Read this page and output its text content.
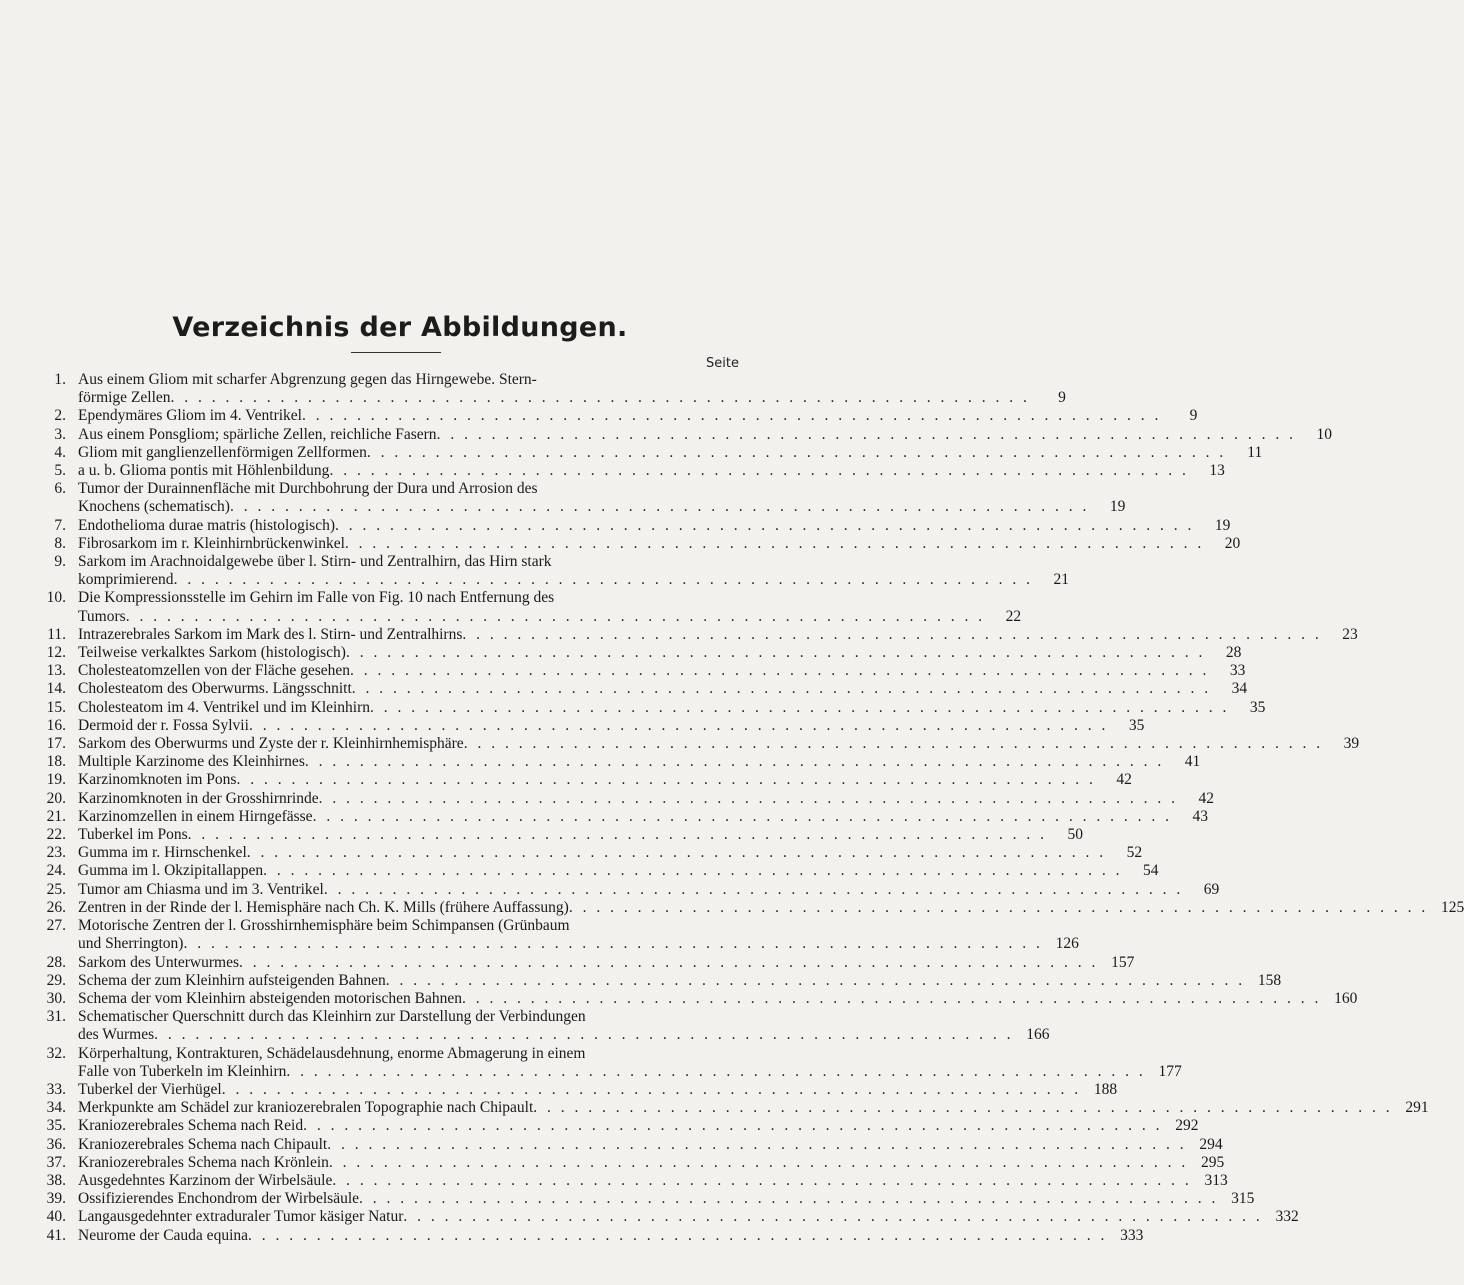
Verzeichnis der Abbildungen.
Seite
1. Aus einem Gliom mit scharfer Abgrenzung gegen das Hirngewebe. Stern-
förmige Zellen . . . . . . . . . . . . . . . . . . . . . . . . . . . . . . . . . . . . . . . . . . . . . . . . . . . . . . . . . . . . . . .	9
2. Ependymäres Gliom im 4. Ventrikel . . . . . . . . . . . . . . . . . . . . . . . . . . . . . . . . . . . . . . . . . . . . . . . . . . . . . . . . . . . . . . .	9
3. Aus einem Ponsgliom; spärliche Zellen, reichliche Fasern . . . . . . . . . . . . . . . . . . . . . . . . . . . . . . . . . . . . . . . . . . . . . . . . . . . . . . . . . . . . . . .	10
4. Gliom mit ganglienzellenförmigen Zellformen . . . . . . . . . . . . . . . . . . . . . . . . . . . . . . . . . . . . . . . . . . . . . . . . . . . . . . . . . . . . . . .	11
5. a u. b. Glioma pontis mit Höhlenbildung . . . . . . . . . . . . . . . . . . . . . . . . . . . . . . . . . . . . . . . . . . . . . . . . . . . . . . . . . . . . . . .	13
6. Tumor der Durainnenfläche mit Durchbohrung der Dura und Arrosion des
Knochens (schematisch) . . . . . . . . . . . . . . . . . . . . . . . . . . . . . . . . . . . . . . . . . . . . . . . . . . . . . . . . . . . . . . .	19
7. Endothelioma durae matris (histologisch) . . . . . . . . . . . . . . . . . . . . . . . . . . . . . . . . . . . . . . . . . . . . . . . . . . . . . . . . . . . . . . .	19
8. Fibrosarkom im r. Kleinhirnbrückenwinkel . . . . . . . . . . . . . . . . . . . . . . . . . . . . . . . . . . . . . . . . . . . . . . . . . . . . . . . . . . . . . . .	20
9. Sarkom im Arachnoidalgewebe über l. Stirn- und Zentralhirn, das Hirn stark
komprimierend . . . . . . . . . . . . . . . . . . . . . . . . . . . . . . . . . . . . . . . . . . . . . . . . . . . . . . . . . . . . . . .	21
10. Die Kompressionsstelle im Gehirn im Falle von Fig. 10 nach Entfernung des
Tumors . . . . . . . . . . . . . . . . . . . . . . . . . . . . . . . . . . . . . . . . . . . . . . . . . . . . . . . . . . . . . . .	22
11. Intrazerebrales Sarkom im Mark des l. Stirn- und Zentralhirns . . . . . . . . . . . . . . . . . . . . . . . . . . . . . . . . . . . . . . . . . . . . . . . . . . . . . . . . . . . . . . .	23
12. Teilweise verkalktes Sarkom (histologisch) . . . . . . . . . . . . . . . . . . . . . . . . . . . . . . . . . . . . . . . . . . . . . . . . . . . . . . . . . . . . . . .	28
13. Cholesteatomzellen von der Fläche gesehen . . . . . . . . . . . . . . . . . . . . . . . . . . . . . . . . . . . . . . . . . . . . . . . . . . . . . . . . . . . . . . .	33
14. Cholesteatom des Oberwurms. Längsschnitt . . . . . . . . . . . . . . . . . . . . . . . . . . . . . . . . . . . . . . . . . . . . . . . . . . . . . . . . . . . . . . .	34
15. Cholesteatom im 4. Ventrikel und im Kleinhirn . . . . . . . . . . . . . . . . . . . . . . . . . . . . . . . . . . . . . . . . . . . . . . . . . . . . . . . . . . . . . . .	35
16. Dermoid der r. Fossa Sylvii . . . . . . . . . . . . . . . . . . . . . . . . . . . . . . . . . . . . . . . . . . . . . . . . . . . . . . . . . . . . . . .	35
17. Sarkom des Oberwurms und Zyste der r. Kleinhirnhemisphäre . . . . . . . . . . . . . . . . . . . . . . . . . . . . . . . . . . . . . . . . . . . . . . . . . . . . . . . . . . . . . . .	39
18. Multiple Karzinome des Kleinhirnes . . . . . . . . . . . . . . . . . . . . . . . . . . . . . . . . . . . . . . . . . . . . . . . . . . . . . . . . . . . . . . .	41
19. Karzinomknoten im Pons . . . . . . . . . . . . . . . . . . . . . . . . . . . . . . . . . . . . . . . . . . . . . . . . . . . . . . . . . . . . . . .	42
20. Karzinomknoten in der Grosshirnrinde . . . . . . . . . . . . . . . . . . . . . . . . . . . . . . . . . . . . . . . . . . . . . . . . . . . . . . . . . . . . . . .	42
21. Karzinomzellen in einem Hirngefässe . . . . . . . . . . . . . . . . . . . . . . . . . . . . . . . . . . . . . . . . . . . . . . . . . . . . . . . . . . . . . . .	43
22. Tuberkel im Pons . . . . . . . . . . . . . . . . . . . . . . . . . . . . . . . . . . . . . . . . . . . . . . . . . . . . . . . . . . . . . . .	50
23. Gumma im r. Hirnschenkel . . . . . . . . . . . . . . . . . . . . . . . . . . . . . . . . . . . . . . . . . . . . . . . . . . . . . . . . . . . . . . .	52
24. Gumma im l. Okzipitallappen . . . . . . . . . . . . . . . . . . . . . . . . . . . . . . . . . . . . . . . . . . . . . . . . . . . . . . . . . . . . . . .	54
25. Tumor am Chiasma und im 3. Ventrikel . . . . . . . . . . . . . . . . . . . . . . . . . . . . . . . . . . . . . . . . . . . . . . . . . . . . . . . . . . . . . . .	69
26. Zentren in der Rinde der l. Hemisphäre nach Ch. K. Mills (frühere Auffassung) . . . . . . . . . . . . . . . . . . . . . . . . . . . . . . . . . . . . . . . . . . . . . . . . . . . . . . . . . . . . . . . 125
27. Motorische Zentren der l. Grosshirnhemisphäre beim Schimpansen (Grünbaum
und Sherrington) . . . . . . . . . . . . . . . . . . . . . . . . . . . . . . . . . . . . . . . . . . . . . . . . . . . . . . . . . . . . . . . 126
28. Sarkom des Unterwurmes . . . . . . . . . . . . . . . . . . . . . . . . . . . . . . . . . . . . . . . . . . . . . . . . . . . . . . . . . . . . . . . 157
29. Schema der zum Kleinhirn aufsteigenden Bahnen . . . . . . . . . . . . . . . . . . . . . . . . . . . . . . . . . . . . . . . . . . . . . . . . . . . . . . . . . . . . . . . 158
30. Schema der vom Kleinhirn absteigenden motorischen Bahnen . . . . . . . . . . . . . . . . . . . . . . . . . . . . . . . . . . . . . . . . . . . . . . . . . . . . . . . . . . . . . . . 160
31. Schematischer Querschnitt durch das Kleinhirn zur Darstellung der Verbindungen
des Wurmes . . . . . . . . . . . . . . . . . . . . . . . . . . . . . . . . . . . . . . . . . . . . . . . . . . . . . . . . . . . . . . . 166
32. Körperhaltung, Kontrakturen, Schädelausdehnung, enorme Abmagerung in einem
Falle von Tuberkeln im Kleinhirn . . . . . . . . . . . . . . . . . . . . . . . . . . . . . . . . . . . . . . . . . . . . . . . . . . . . . . . . . . . . . . . 177
33. Tuberkel der Vierhügel . . . . . . . . . . . . . . . . . . . . . . . . . . . . . . . . . . . . . . . . . . . . . . . . . . . . . . . . . . . . . . . 188
34. Merkpunkte am Schädel zur kraniozerebralen Topographie nach Chipault . . . . . . . . . . . . . . . . . . . . . . . . . . . . . . . . . . . . . . . . . . . . . . . . . . . . . . . . . . . . . . . 291
35. Kraniozerebrales Schema nach Reid . . . . . . . . . . . . . . . . . . . . . . . . . . . . . . . . . . . . . . . . . . . . . . . . . . . . . . . . . . . . . . . 292
36. Kraniozerebrales Schema nach Chipault . . . . . . . . . . . . . . . . . . . . . . . . . . . . . . . . . . . . . . . . . . . . . . . . . . . . . . . . . . . . . . . 294
37. Kraniozerebrales Schema nach Krönlein . . . . . . . . . . . . . . . . . . . . . . . . . . . . . . . . . . . . . . . . . . . . . . . . . . . . . . . . . . . . . . . 295
38. Ausgedehntes Karzinom der Wirbelsäule . . . . . . . . . . . . . . . . . . . . . . . . . . . . . . . . . . . . . . . . . . . . . . . . . . . . . . . . . . . . . . . 313
39. Ossifizierendes Enchondrom der Wirbelsäule . . . . . . . . . . . . . . . . . . . . . . . . . . . . . . . . . . . . . . . . . . . . . . . . . . . . . . . . . . . . . . . 315
40. Langausgedehnter extraduraler Tumor käsiger Natur . . . . . . . . . . . . . . . . . . . . . . . . . . . . . . . . . . . . . . . . . . . . . . . . . . . . . . . . . . . . . . . 332
41. Neurome der Cauda equina . . . . . . . . . . . . . . . . . . . . . . . . . . . . . . . . . . . . . . . . . . . . . . . . . . . . . . . . . . . . . . . 333
